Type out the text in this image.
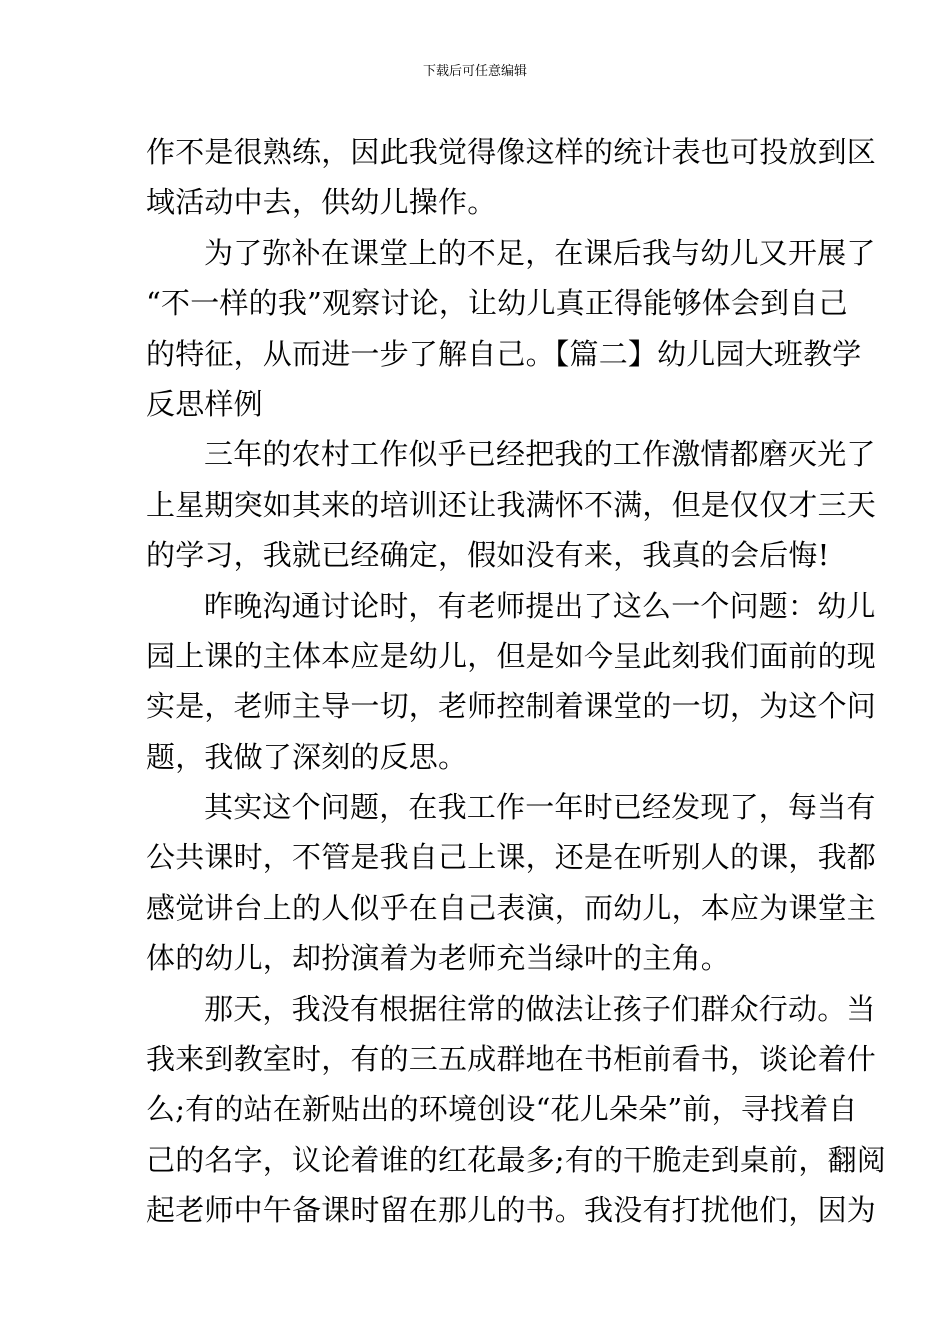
下载后可任意编辑
作不是很熟练，因此我觉得像这样的统计表也可投放到区
域活动中去，供幼儿操作。
为了弥补在课堂上的不足，在课后我与幼儿又开展了
“不一样的我”观察讨论，让幼儿真正得能够体会到自己
的特征，从而进一步了解自己。【篇二】幼儿园大班教学
反思样例
三年的农村工作似乎已经把我的工作激情都磨灭光了
上星期突如其来的培训还让我满怀不满，但是仅仅才三天
的学习，我就已经确定，假如没有来，我真的会后悔!
昨晚沟通讨论时，有老师提出了这么一个问题：幼儿
园上课的主体本应是幼儿，但是如今呈此刻我们面前的现
实是，老师主导一切，老师控制着课堂的一切，为这个问
题，我做了深刻的反思。
其实这个问题，在我工作一年时已经发现了，每当有
公共课时，不管是我自己上课，还是在听别人的课，我都
感觉讲台上的人似乎在自己表演，而幼儿，本应为课堂主
体的幼儿，却扮演着为老师充当绿叶的主角。
那天，我没有根据往常的做法让孩子们群众行动。当
我来到教室时，有的三五成群地在书柜前看书，谈论着什
么;有的站在新贴出的环境创设“花儿朵朵”前，寻找着自
己的名字，议论着谁的红花最多;有的干脆走到桌前，翻阅
起老师中午备课时留在那儿的书。我没有打扰他们，因为
